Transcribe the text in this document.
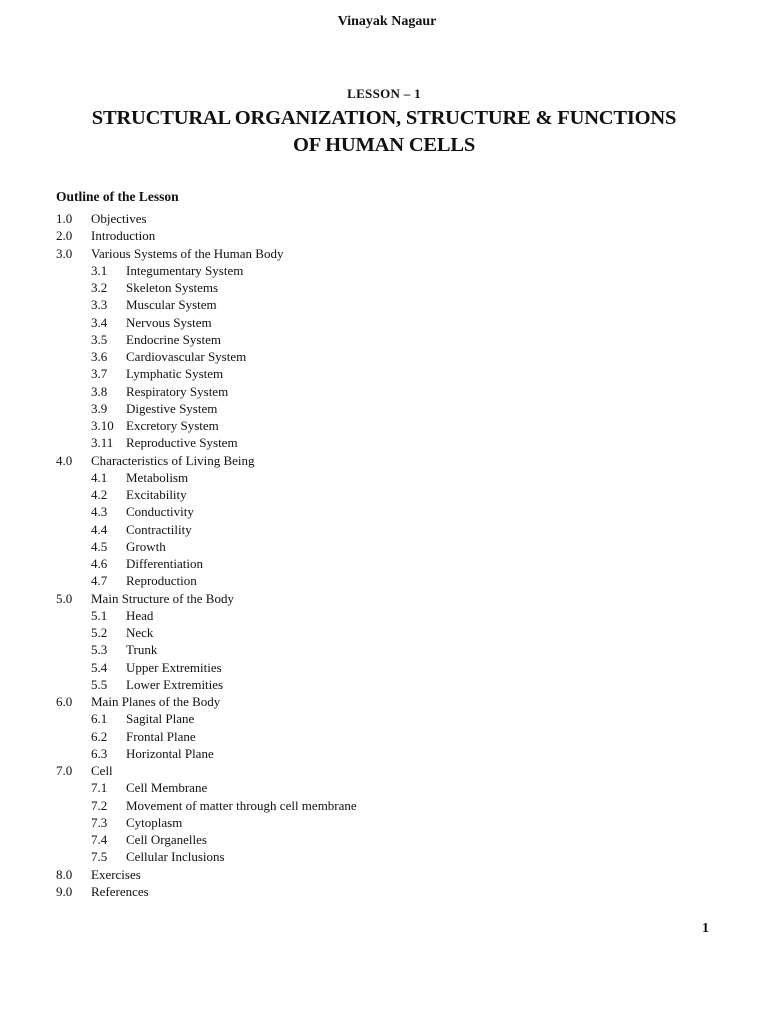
Vinayak Nagaur
LESSON – 1
STRUCTURAL ORGANIZATION, STRUCTURE & FUNCTIONS
OF HUMAN CELLS
Outline of the Lesson
1.0 Objectives
2.0 Introduction
3.0 Various Systems of the Human Body
3.1 Integumentary System
3.2 Skeleton Systems
3.3 Muscular System
3.4 Nervous System
3.5 Endocrine System
3.6 Cardiovascular System
3.7 Lymphatic System
3.8 Respiratory System
3.9 Digestive System
3.10 Excretory System
3.11 Reproductive System
4.0 Characteristics of Living Being
4.1 Metabolism
4.2 Excitability
4.3 Conductivity
4.4 Contractility
4.5 Growth
4.6 Differentiation
4.7 Reproduction
5.0 Main Structure of the Body
5.1 Head
5.2 Neck
5.3 Trunk
5.4 Upper Extremities
5.5 Lower Extremities
6.0 Main Planes of the Body
6.1 Sagital Plane
6.2 Frontal Plane
6.3 Horizontal Plane
7.0 Cell
7.1 Cell Membrane
7.2 Movement of matter through cell membrane
7.3 Cytoplasm
7.4 Cell Organelles
7.5 Cellular Inclusions
8.0 Exercises
9.0 References
1
